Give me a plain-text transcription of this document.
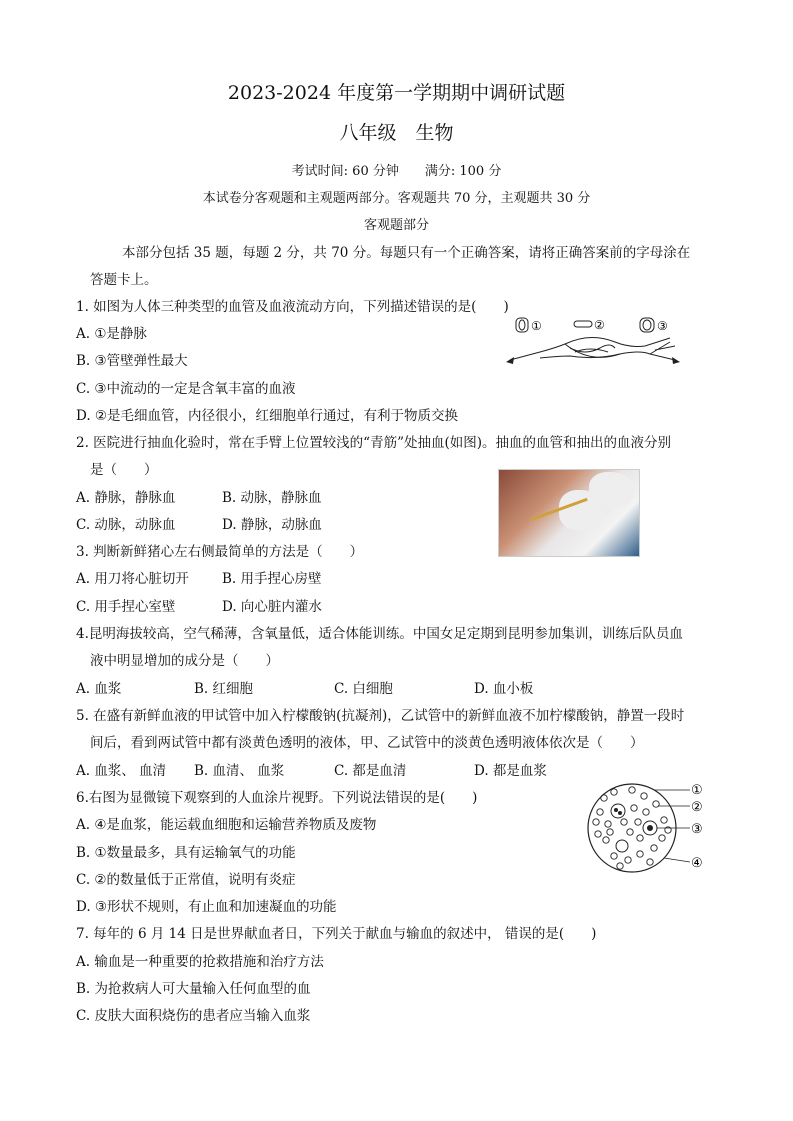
2023-2024 年度第一学期期中调研试题
八年级　生物
考试时间: 60 分钟　　满分: 100 分
本试卷分客观题和主观题两部分。客观题共 70 分，主观题共 30 分
客观题部分
本部分包括 35 题，每题 2 分，共 70 分。每题只有一个正确答案，请将正确答案前的字母涂在
答题卡上。
1. 如图为人体三种类型的血管及血液流动方向，下列描述错误的是(　　)
A. ①是静脉
B. ③管壁弹性最大
C. ③中流动的一定是含氧丰富的血液
D. ②是毛细血管，内径很小，红细胞单行通过，有利于物质交换
①	②	③
2. 医院进行抽血化验时，常在手臂上位置较浅的“青筋”处抽血(如图)。抽血的血管和抽出的血液分别
是（　　）
A. 静脉，静脉血	B. 动脉，静脉血
C. 动脉，动脉血	D. 静脉，动脉血
3. 判断新鲜猪心左右侧最简单的方法是（　　）
A. 用刀将心脏切开 B. 用手捏心房壁
C. 用手捏心室壁	D. 向心脏内灌水
4.昆明海拔较高，空气稀薄，含氧量低，适合体能训练。中国女足定期到昆明参加集训，训练后队员血
液中明显增加的成分是（　　）
A. 血浆	B. 红细胞	C. 白细胞	D. 血小板
5. 在盛有新鲜血液的甲试管中加入柠檬酸钠(抗凝剂)，乙试管中的新鲜血液不加柠檬酸钠，静置一段时
间后，看到两试管中都有淡黄色透明的液体，甲、乙试管中的淡黄色透明液体依次是（　　）
A. 血浆、 血清 B. 血清、 血浆	C. 都是血清	D. 都是血浆
6.右图为显微镜下观察到的人血涂片视野。下列说法错误的是(　　)
A. ④是血浆，能运载血细胞和运输营养物质及废物
B. ①数量最多，具有运输氧气的功能
C. ②的数量低于正常值，说明有炎症
D. ③形状不规则，有止血和加速凝血的功能
①
②
③
④
7. 每年的 6 月 14 日是世界献血者日，下列关于献血与输血的叙述中， 错误的是(　　)
A. 输血是一种重要的抢救措施和治疗方法
B. 为抢救病人可大量输入任何血型的血
C. 皮肤大面积烧伤的患者应当输入血浆
